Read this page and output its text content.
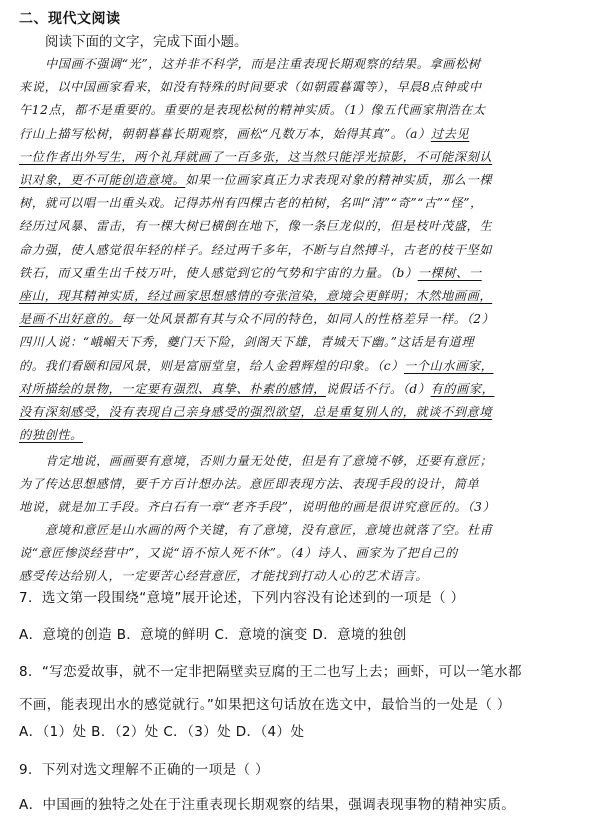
二、现代文阅读
阅读下面的文字，完成下面小题。
中国画不强调“光”，这并非不科学，而是注重表现长期观察的结果。拿画松树
来说，以中国画家看来，如没有特殊的时间要求（如朝霞暮霭等），早晨8点钟或中
午12点，都不是重要的。重要的是表现松树的精神实质。（1）像五代画家荆浩在太
行山上描写松树，朝朝暮暮长期观察，画松“凡数万本，始得其真”。（a）过去见
一位作者出外写生，两个礼拜就画了一百多张，这当然只能浮光掠影，不可能深刻认
识对象，更不可能创造意境。如果一位画家真正力求表现对象的精神实质，那么一棵
树，就可以唱一出重头戏。记得苏州有四棵古老的柏树，名叫“清”“奇”“古”“怪”，
经历过风暴、雷击，有一棵大树已横倒在地下，像一条巨龙似的，但是枝叶茂盛，生
命力强，使人感觉很年轻的样子。经过两千多年，不断与自然搏斗，古老的枝干坚如
铁石，而又重生出千枝万叶，使人感觉到它的气势和宇宙的力量。（b）一棵树、一
座山，现其精神实质，经过画家思想感情的夸张渲染，意境会更鲜明；木然地画画，
是画不出好意的。每一处风景都有其与众不同的特色，如同人的性格差异一样。（2）
四川人说：“峨嵋天下秀，夔门天下险，剑阁天下雄，青城天下幽。”这话是有道理
的。我们看颐和园风景，则是富丽堂皇，给人金碧辉煌的印象。（c）一个山水画家，
对所描绘的景物，一定要有强烈、真挚、朴素的感情，说假话不行。（d）有的画家，
没有深刻感受，没有表现自己亲身感受的强烈欲望，总是重复别人的，就谈不到意境
的独创性。
肯定地说，画画要有意境，否则力量无处使，但是有了意境不够，还要有意匠；
为了传达思想感情，要千方百计想办法。意匠即表现方法、表现手段的设计，简单
地说，就是加工手段。齐白石有一章“老齐手段”，说明他的画是很讲究意匠的。（3）
意境和意匠是山水画的两个关键，有了意境，没有意匠，意境也就落了空。杜甫
说“意匠惨淡经营中”，又说“语不惊人死不休”。（4）诗人、画家为了把自己的
感受传达给别人，一定要苦心经营意匠，才能找到打动人心的艺术语言。
7．选文第一段围绕“意境”展开论述，下列内容没有论述到的一项是（ ）
A．意境的创造 B．意境的鲜明 C．意境的演变 D．意境的独创
8．“写恋爱故事，就不一定非把隔壁卖豆腐的王二也写上去；画虾，可以一笔水都
不画，能表现出水的感觉就行。”如果把这句话放在选文中，最恰当的一处是（ ）
A．（1）处 B．（2）处 C．（3）处 D．（4）处
9．下列对选文理解不正确的一项是（ ）
A．中国画的独特之处在于注重表现长期观察的结果，强调表现事物的精神实质。
